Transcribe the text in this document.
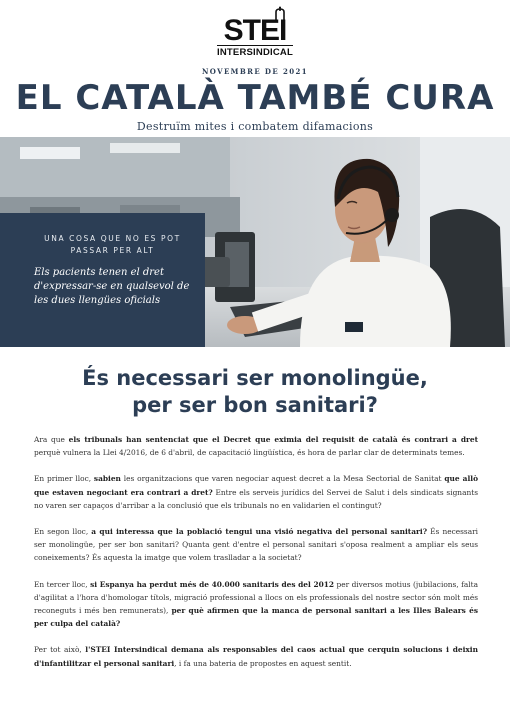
STEI
INTERSINDICAL
NOVEMBRE DE 2021
EL CATALÀ TAMBÉ CURA
Destruïm mites i combatem difamacions
UNA COSA QUE NO ES POT PASSAR PER ALT
Els pacients tenen el dret d'expressar-se en qualsevol de les dues llengües oficials
És necessari ser monolingüe,
per ser bon sanitari?

Ara que els tribunals han sentenciat que el Decret que eximia del requisit de català és contrari a dret perquè vulnera la Llei 4/2016, de 6 d'abril, de capacitació lingüística, és hora de parlar clar de determinats temes.

En primer lloc, sabien les organitzacions que varen negociar aquest decret a la Mesa Sectorial de Sanitat que allò que estaven negociant era contrari a dret? Entre els serveis jurídics del Servei de Salut i dels sindicats signants no varen ser capaços d'arribar a la conclusió que els tribunals no en validarien el contingut?

En segon lloc, a qui interessa que la població tengui una visió negativa del personal sanitari? És necessari ser monolingüe, per ser bon sanitari? Quanta gent d'entre el personal sanitari s'oposa realment a ampliar els seus coneixements? És aquesta la imatge que volem traslladar a la societat?

En tercer lloc, si Espanya ha perdut més de 40.000 sanitaris des del 2012 per diversos motius (jubilacions, falta d'agilitat a l'hora d'homologar títols, migració professional a llocs on els professionals del nostre sector són molt més reconeguts i més ben remunerats), per què afirmen que la manca de personal sanitari a les Illes Balears és per culpa del català?

Per tot això, l'STEI Intersindical demana als responsables del caos actual que cerquin solucions i deixin d'infantilitzar el personal sanitari, i fa una bateria de propostes en aquest sentit.
